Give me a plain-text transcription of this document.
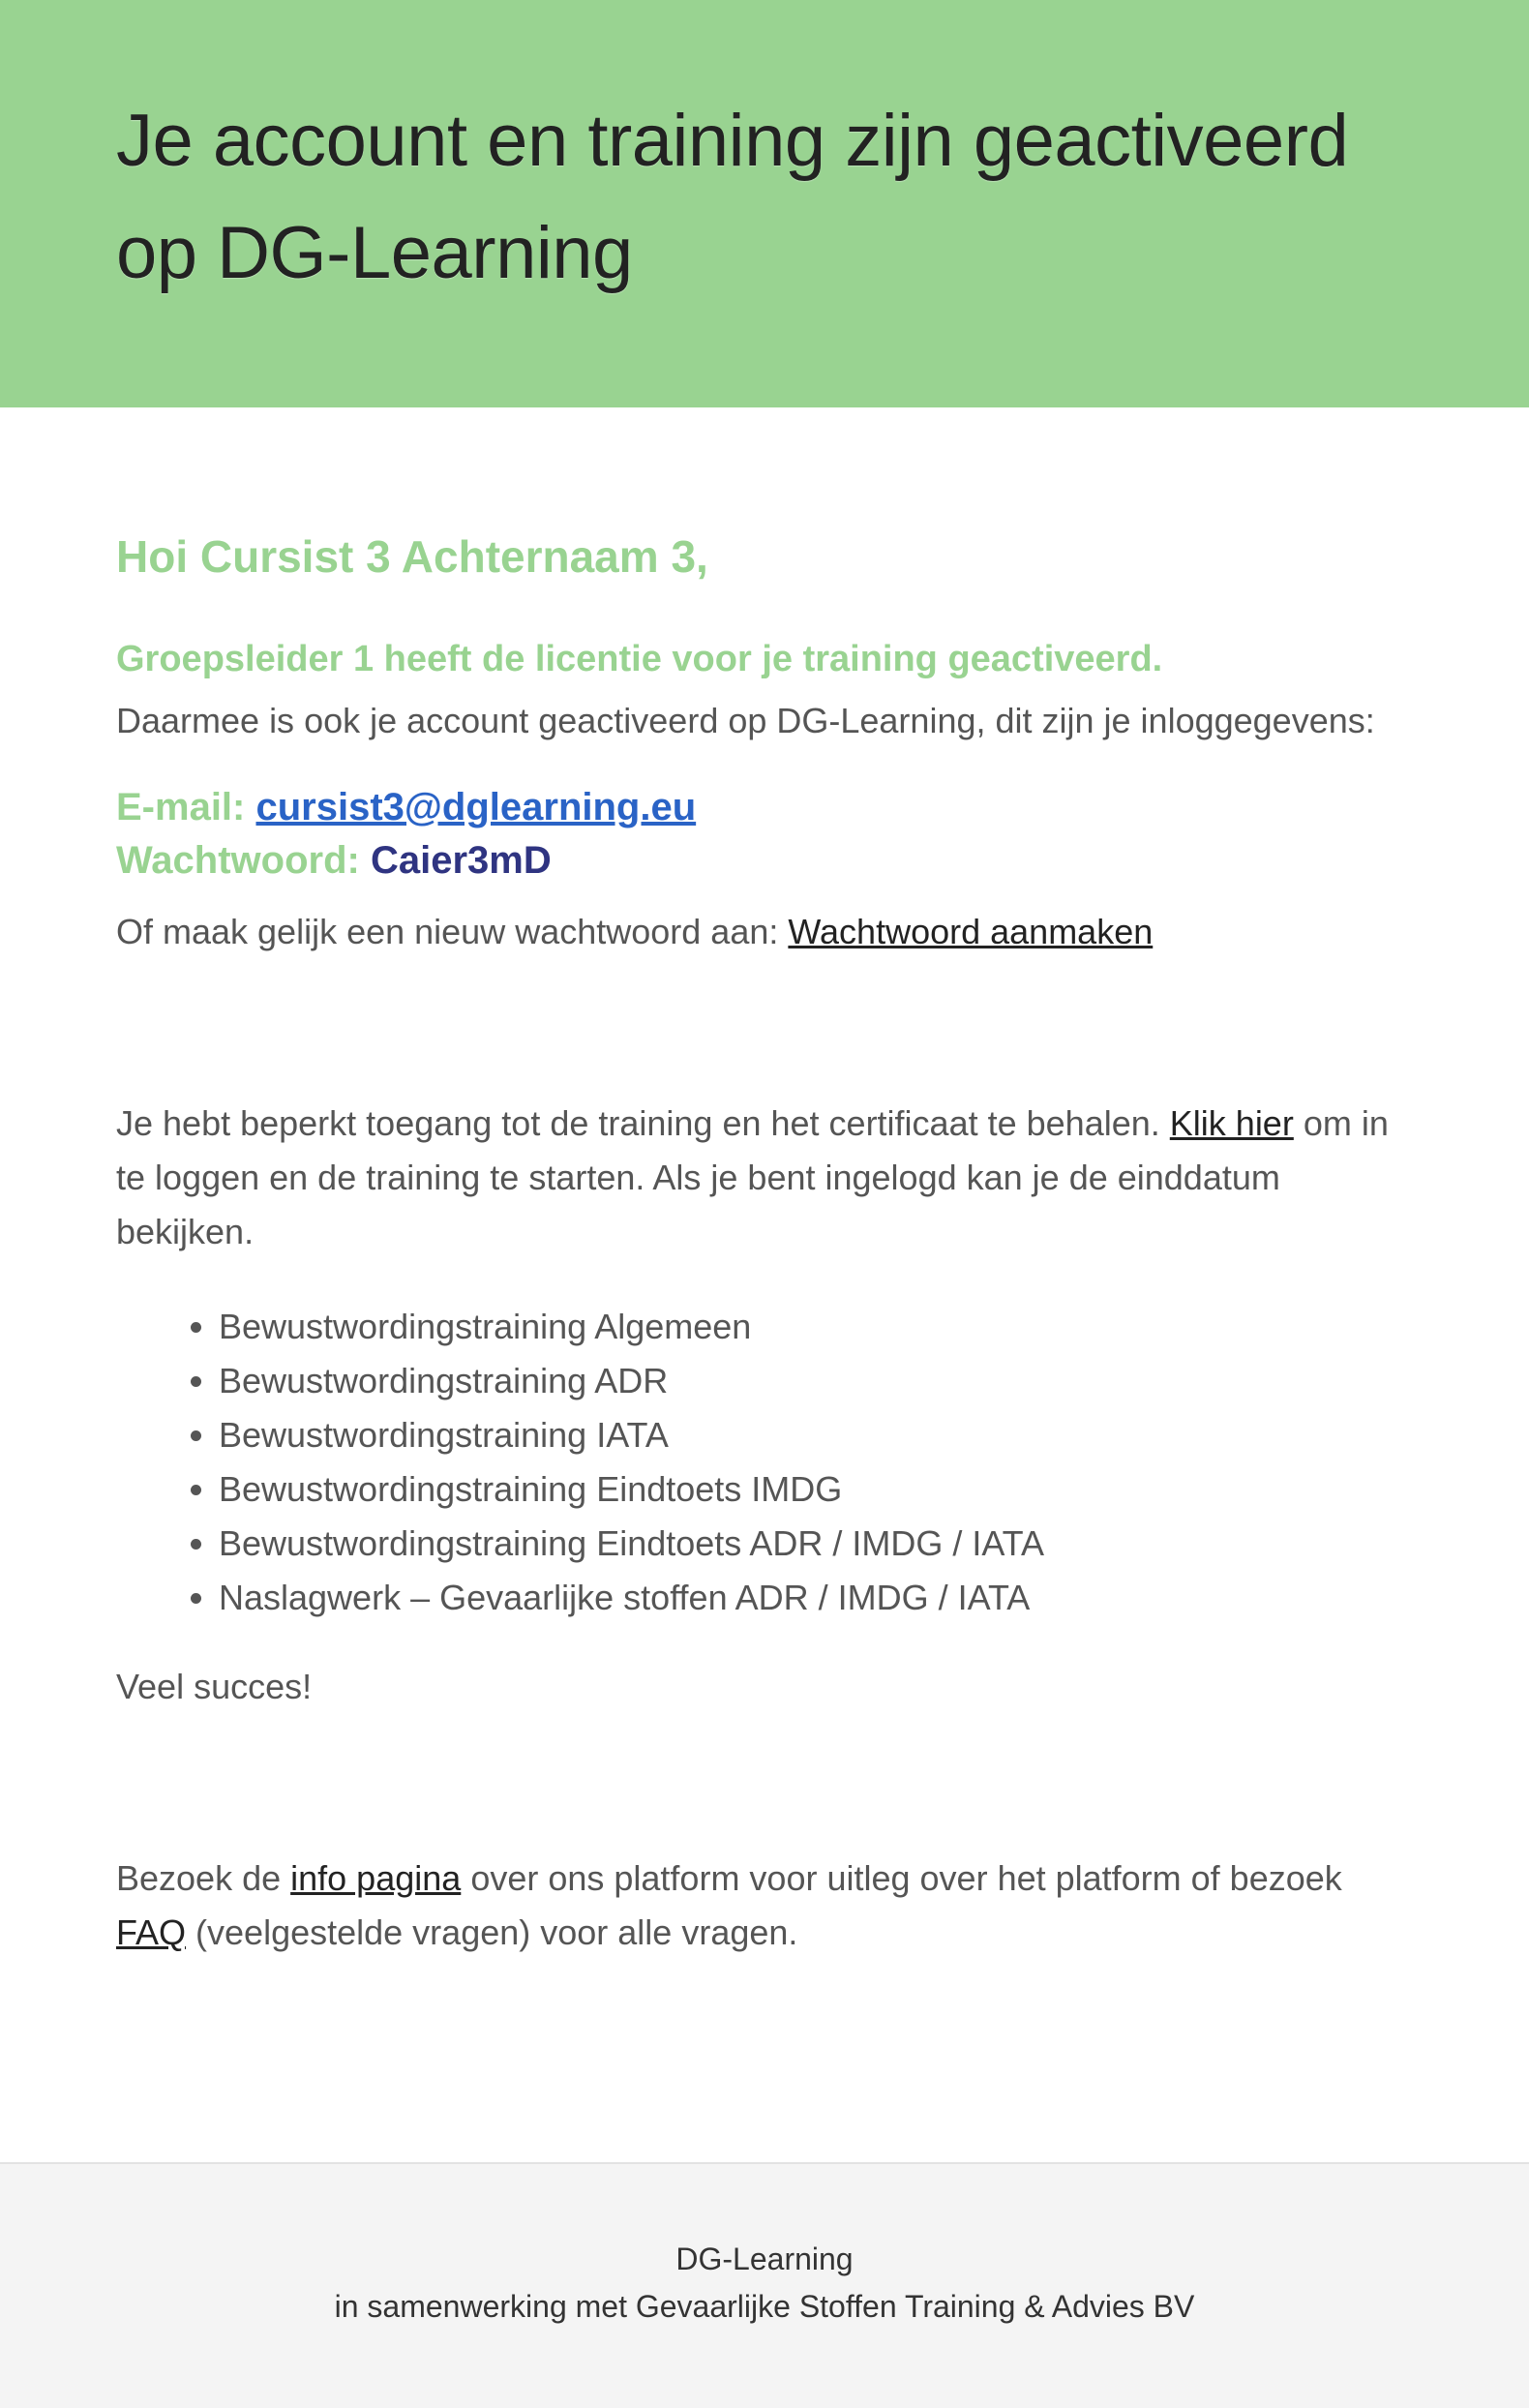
Je account en training zijn geactiveerd op DG-Learning

Hoi Cursist 3 Achternaam 3,

Groepsleider 1 heeft de licentie voor je training geactiveerd.

Daarmee is ook je account geactiveerd op DG-Learning, dit zijn je inloggegevens:

E-mail: cursist3@dglearning.eu
Wachtwoord: Caier3mD

Of maak gelijk een nieuw wachtwoord aan: Wachtwoord aanmaken

Je hebt beperkt toegang tot de training en het certificaat te behalen. Klik hier om in te loggen en de training te starten. Als je bent ingelogd kan je de einddatum bekijken.

• Bewustwordingstraining Algemeen
• Bewustwordingstraining ADR
• Bewustwordingstraining IATA
• Bewustwordingstraining Eindtoets IMDG
• Bewustwordingstraining Eindtoets ADR / IMDG / IATA
• Naslagwerk – Gevaarlijke stoffen ADR / IMDG / IATA

Veel succes!

Bezoek de info pagina over ons platform voor uitleg over het platform of bezoek FAQ (veelgestelde vragen) voor alle vragen.

DG-Learning
in samenwerking met Gevaarlijke Stoffen Training & Advies BV
